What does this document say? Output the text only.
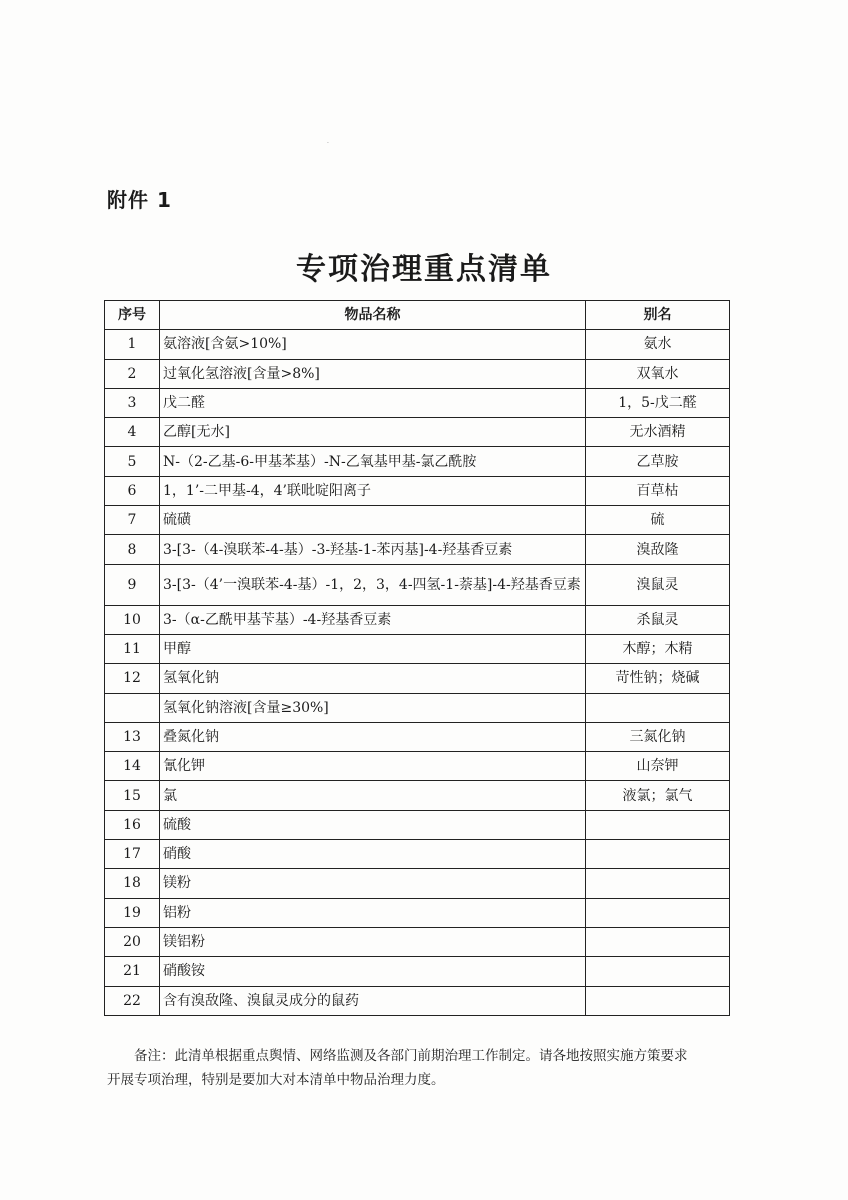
·
附件 1
专项治理重点清单
序号	物品名称	别名
1	氨溶液[含氨>10%]	氨水
2	过氧化氢溶液[含量>8%]	双氧水
3	戊二醛	1，5-戊二醛
4	乙醇[无水]	无水酒精
5	N-（2-乙基-6-甲基苯基）-N-乙氧基甲基-氯乙酰胺	乙草胺
6	1，1’-二甲基-4，4’联吡啶阳离子	百草枯
7	硫磺	硫
8	3-[3-（4-溴联苯-4-基）-3-羟基-1-苯丙基]-4-羟基香豆素	溴敌隆
9	3-[3-（4’一溴联苯-4-基）-1，2，3，4-四氢-1-萘基]-4-羟基香豆素	溴鼠灵
10	3-（α-乙酰甲基苄基）-4-羟基香豆素	杀鼠灵
11	甲醇	木醇；木精
12	氢氧化钠	苛性钠；烧碱
	氢氧化钠溶液[含量≥30%]	
13	叠氮化钠	三氮化钠
14	氰化钾	山奈钾
15	氯	液氯；氯气
16	硫酸	
17	硝酸	
18	镁粉	
19	铝粉	
20	镁铝粉	
21	硝酸铵	
22	含有溴敌隆、溴鼠灵成分的鼠药	
备注：此清单根据重点舆情、网络监测及各部门前期治理工作制定。请各地按照实施方策要求
开展专项治理，特别是要加大对本清单中物品治理力度。
